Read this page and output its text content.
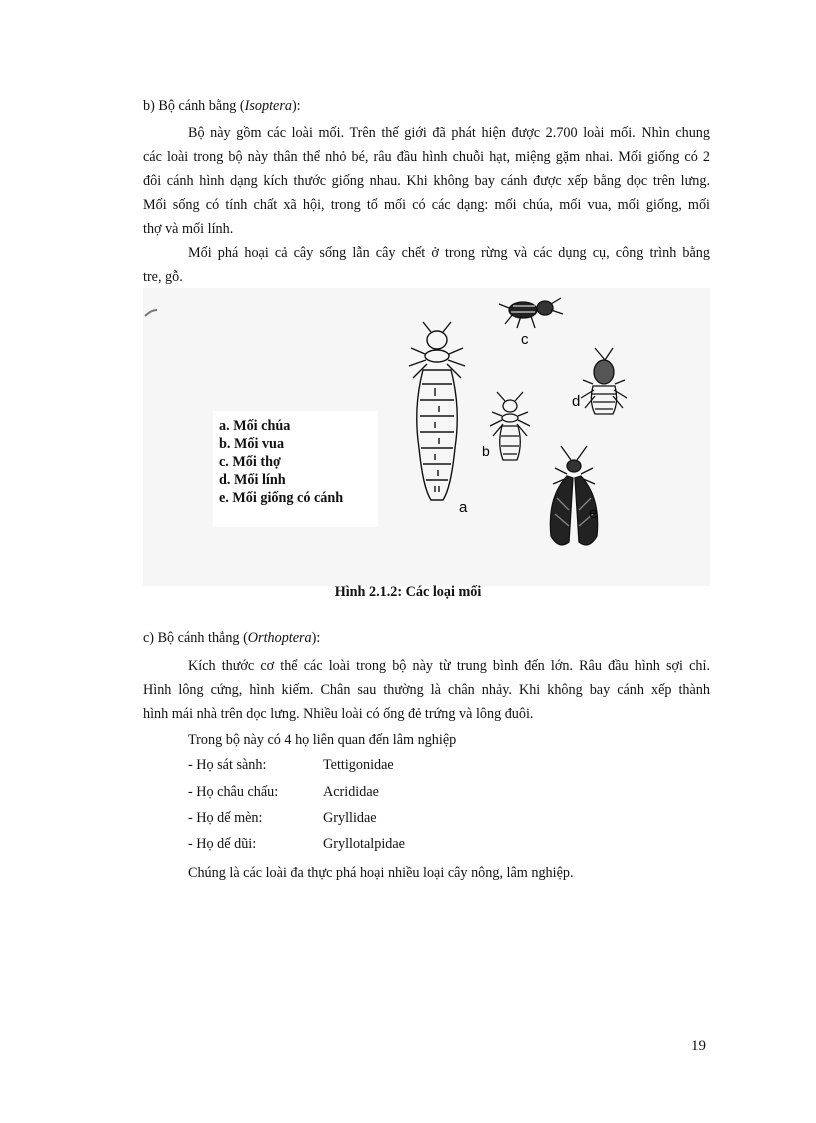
b) Bộ cánh bằng (Isoptera):

Bộ này gồm các loài mối. Trên thế giới đã phát hiện được 2.700 loài mối. Nhìn chung
các loài trong bộ này thân thể nhỏ bé, râu đầu hình chuỗi hạt, miệng gặm nhai. Mối giống có 2
đôi cánh hình dạng kích thước giống nhau. Khi không bay cánh được xếp bằng dọc trên lưng.
Mối sống có tính chất xã hội, trong tổ mối có các dạng: mối chúa, mối vua, mối giống, mối
thợ và mối lính.
Mối phá hoại cả cây sống lẫn cây chết ở trong rừng và các dụng cụ, công trình bằng
tre, gỗ.
a
b
c
d
e
a. Mối chúa
b. Mối vua
c. Mối thợ
d. Mối lính
e. Mối giống có cánh
Hình 2.1.2: Các loại mối

c) Bộ cánh thẳng (Orthoptera):

Kích thước cơ thể các loài trong bộ này từ trung bình đến lớn. Râu đầu hình sợi chỉ.
Hình lông cứng, hình kiếm. Chân sau thường là chân nhảy. Khi không bay cánh xếp thành
hình mái nhà trên dọc lưng. Nhiều loài có ống đẻ trứng và lông đuôi.

Trong bộ này có 4 họ liên quan đến lâm nghiệp

- Họ sát sành:	Tettigonidae
- Họ châu chấu:	Acrididae
- Họ dế mèn:	Gryllidae
- Họ dế dũi:	Gryllotalpidae

Chúng là các loài đa thực phá hoại nhiều loại cây nông, lâm nghiệp.

19
